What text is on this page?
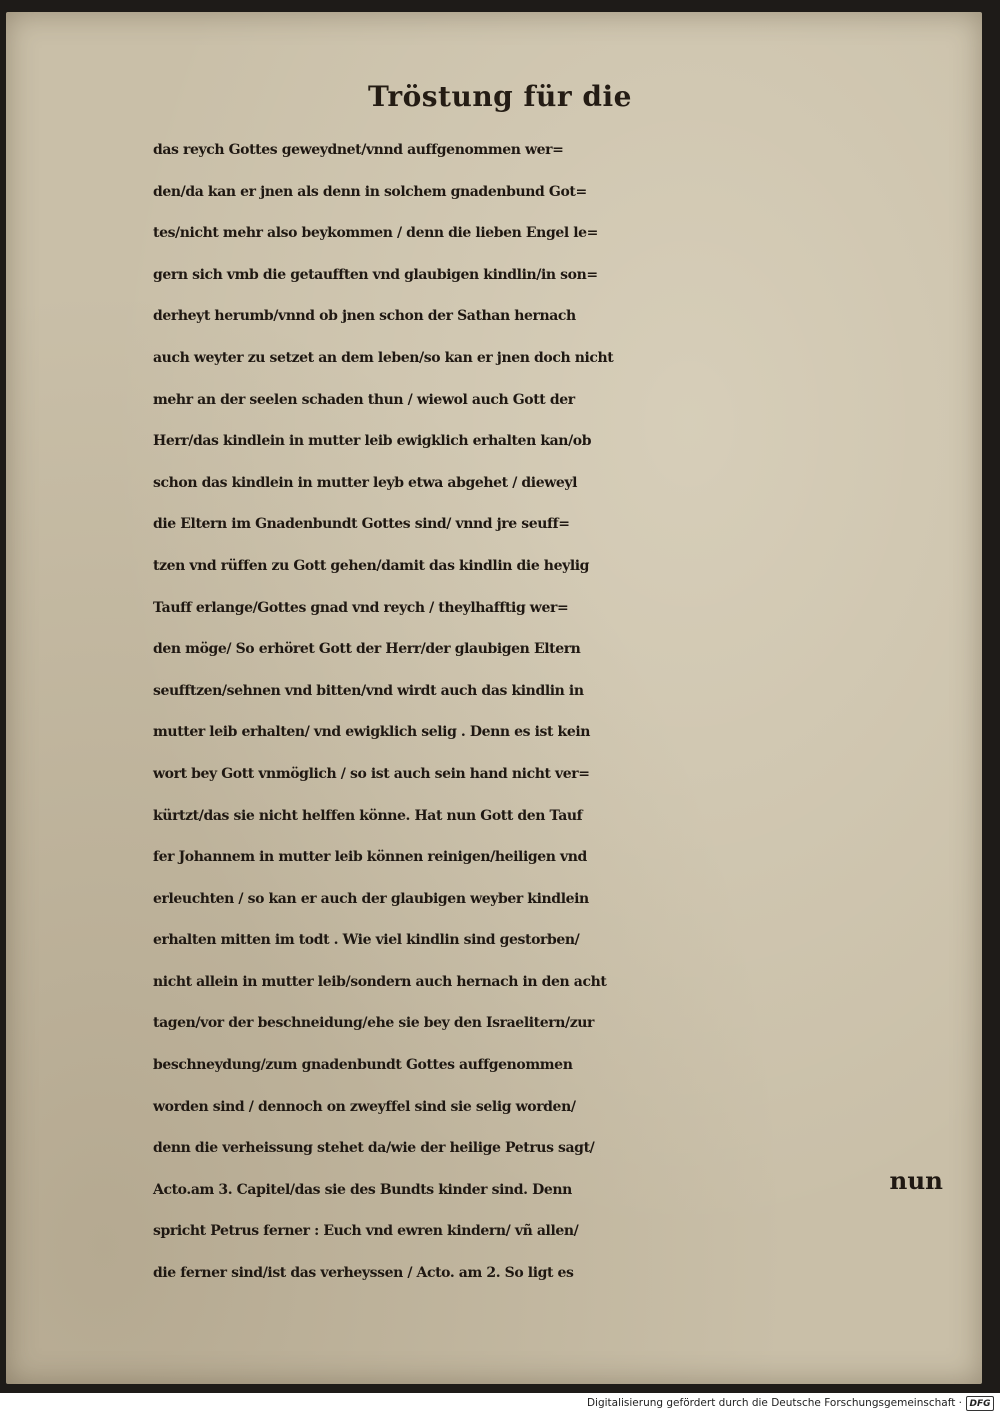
Tröstung für die
das reych Gottes geweydnet/vnnd auffgenommen wer=
den/da kan er jnen als denn in solchem gnadenbund Got=
tes/nicht mehr also beykommen / denn die lieben Engel le=
gern sich vmb die getaufften vnd glaubigen kindlin/in son=
derheyt herumb/vnnd ob jnen schon der Sathan hernach
auch weyter zu setzet an dem leben/so kan er jnen doch nicht
mehr an der seelen schaden thun / wiewol auch Gott der
Herr/das kindlein in mutter leib ewigklich erhalten kan/ob
schon das kindlein in mutter leyb etwa abgehet / dieweyl
die Eltern im Gnadenbundt Gottes sind/ vnnd jre seuff=
tzen vnd rüffen zu Gott gehen/damit das kindlin die heylig
Tauff erlange/Gottes gnad vnd reych / theylhafftig wer=
den möge/ So erhöret Gott der Herr/der glaubigen Eltern
seufftzen/sehnen vnd bitten/vnd wirdt auch das kindlin in
mutter leib erhalten/ vnd ewigklich selig . Denn es ist kein
wort bey Gott vnmöglich / so ist auch sein hand nicht ver=
kürtzt/das sie nicht helffen könne. Hat nun Gott den Tauf
fer Johannem in mutter leib können reinigen/heiligen vnd
erleuchten / so kan er auch der glaubigen weyber kindlein
erhalten mitten im todt . Wie viel kindlin sind gestorben/
nicht allein in mutter leib/sondern auch hernach in den acht
tagen/vor der beschneidung/ehe sie bey den Israelitern/zur
beschneydung/zum gnadenbundt Gottes auffgenommen
worden sind / dennoch on zweyffel sind sie selig worden/
denn die verheissung stehet da/wie der heilige Petrus sagt/
Acto.am 3. Capitel/das sie des Bundts kinder sind. Denn
spricht Petrus ferner : Euch vnd ewren kindern/ vñ allen/
die ferner sind/ist das verheyssen / Acto. am 2. So ligt es
nun
Digitalisierung gefördert durch die Deutsche Forschungsgemeinschaft · DFG
